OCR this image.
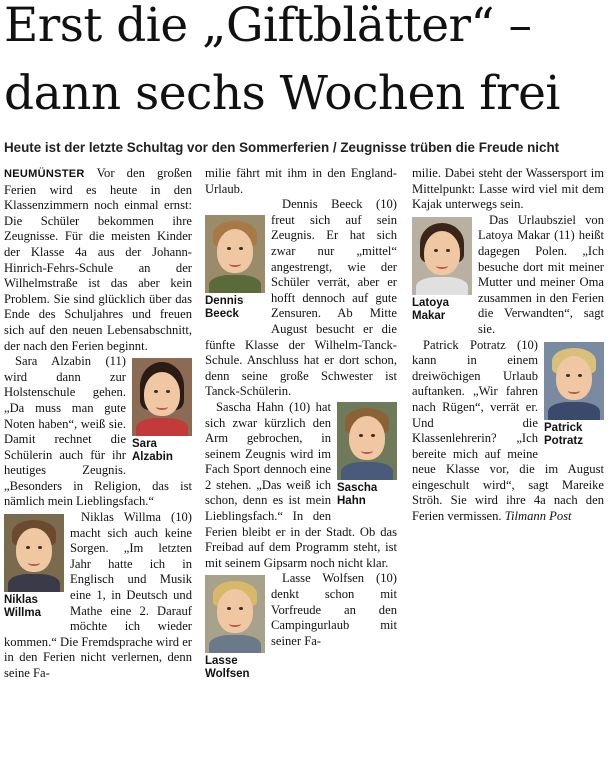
Erst die „Giftblätter“ –
dann sechs Wochen frei
Heute ist der letzte Schultag vor den Sommerferien / Zeugnisse trüben die Freude nicht

NEUMÜNSTER Vor den großen Ferien wird es heute in den Klassenzimmern noch einmal ernst: Die Schüler bekommen ihre Zeugnisse. Für die meisten Kinder der Klasse 4a aus der Johann-Hinrich-Fehrs-Schule an der Wilhelmstraße ist das aber kein Problem. Sie sind glücklich über das Ende des Schuljahres und freuen sich auf den neuen Lebensabschnitt, der nach den Ferien beginnt.

Sara Alzabin

Sara Alzabin (11) wird dann zur Holstenschule gehen. „Da muss man gute Noten haben“, weiß sie. Damit rechnet die Schülerin auch für ihr heutiges Zeugnis. „Besonders in Religion, das ist nämlich mein Lieblingsfach.“

Niklas Willma

Niklas Willma (10) macht sich auch keine Sorgen. „Im letzten Jahr hatte ich in Englisch und Musik eine 1, in Deutsch und Mathe eine 2. Darauf möchte ich wieder kommen.“ Die Fremdsprache wird er in den Ferien nicht verlernen, denn seine Fa-

milie fährt mit ihm in den England-Urlaub.

Dennis Beeck

Dennis Beeck (10) freut sich auf sein Zeugnis. Er hat sich zwar nur „mittel“ angestrengt, wie der Schüler verrät, aber er hofft dennoch auf gute Zensuren. Ab Mitte August besucht er die fünfte Klasse der Wilhelm-Tanck-Schule. Anschluss hat er dort schon, denn seine große Schwester ist Tanck-Schülerin.

Sascha Hahn

Sascha Hahn (10) hat sich zwar kürzlich den Arm gebrochen, in seinem Zeugnis wird im Fach Sport dennoch eine 2 stehen. „Das weiß ich schon, denn es ist mein Lieblingsfach.“ In den Ferien bleibt er in der Stadt. Ob das Freibad auf dem Programm steht, ist mit seinem Gipsarm noch nicht klar.

Lasse Wolfsen

Lasse Wolfsen (10) denkt schon mit Vorfreude an den Campingurlaub mit seiner Fa-

milie. Dabei steht der Wassersport im Mittelpunkt: Lasse wird viel mit dem Kajak unterwegs sein.

Latoya Makar

Das Urlaubsziel von Latoya Makar (11) heißt dagegen Polen. „Ich besuche dort mit meiner Mutter und meiner Oma zusammen in den Ferien die Verwandten“, sagt sie.

Patrick Potratz

Patrick Potratz (10) kann in einem dreiwöchigen Urlaub auftanken. „Wir fahren nach Rügen“, verrät er. Und die Klassenlehrerin? „Ich bereite mich auf meine neue Klasse vor, die im August eingeschult wird“, sagt Mareike Ströh. Sie wird ihre 4a nach den Ferien vermissen. Tilmann Post
